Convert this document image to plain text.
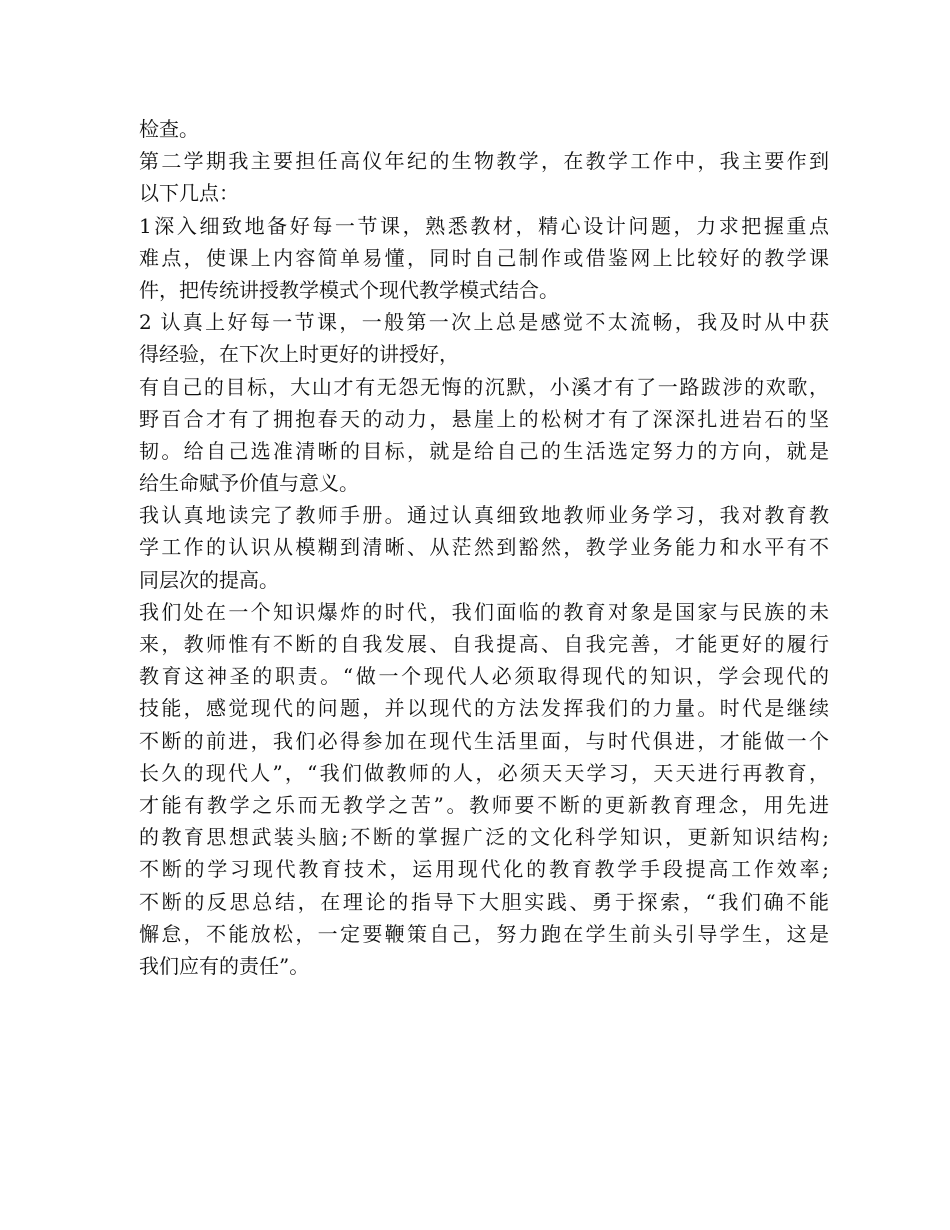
检查。
第二学期我主要担任高仪年纪的生物教学，在教学工作中，我主要作到
以下几点：
1深入细致地备好每一节课，熟悉教材，精心设计问题，力求把握重点
难点，使课上内容简单易懂，同时自己制作或借鉴网上比较好的教学课
件，把传统讲授教学模式个现代教学模式结合。
2 认真上好每一节课，一般第一次上总是感觉不太流畅，我及时从中获
得经验，在下次上时更好的讲授好，
有自己的目标，大山才有无怨无悔的沉默，小溪才有了一路跋涉的欢歌，
野百合才有了拥抱春天的动力，悬崖上的松树才有了深深扎进岩石的坚
韧。给自己选准清晰的目标，就是给自己的生活选定努力的方向，就是
给生命赋予价值与意义。
我认真地读完了教师手册。通过认真细致地教师业务学习，我对教育教
学工作的认识从模糊到清晰、从茫然到豁然，教学业务能力和水平有不
同层次的提高。
我们处在一个知识爆炸的时代，我们面临的教育对象是国家与民族的未
来，教师惟有不断的自我发展、自我提高、自我完善，才能更好的履行
教育这神圣的职责。“做一个现代人必须取得现代的知识，学会现代的
技能，感觉现代的问题，并以现代的方法发挥我们的力量。时代是继续
不断的前进，我们必得参加在现代生活里面，与时代俱进，才能做一个
长久的现代人”，“我们做教师的人，必须天天学习，天天进行再教育，
才能有教学之乐而无教学之苦”。教师要不断的更新教育理念，用先进
的教育思想武装头脑;不断的掌握广泛的文化科学知识，更新知识结构;
不断的学习现代教育技术，运用现代化的教育教学手段提高工作效率;
不断的反思总结，在理论的指导下大胆实践、勇于探索，“我们确不能
懈怠，不能放松，一定要鞭策自己，努力跑在学生前头引导学生，这是
我们应有的责任”。
